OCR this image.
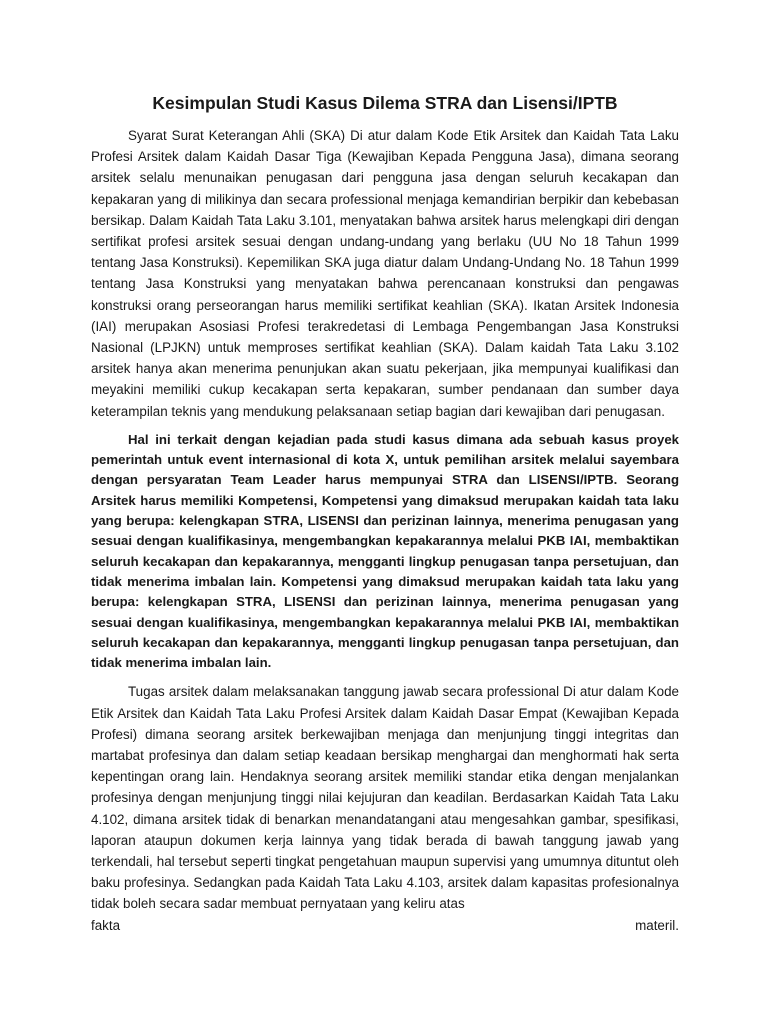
Kesimpulan Studi Kasus Dilema STRA dan Lisensi/IPTB

Syarat Surat Keterangan Ahli (SKA) Di atur dalam Kode Etik Arsitek dan Kaidah Tata Laku Profesi Arsitek dalam Kaidah Dasar Tiga (Kewajiban Kepada Pengguna Jasa), dimana seorang arsitek selalu menunaikan penugasan dari pengguna jasa dengan seluruh kecakapan dan kepakaran yang di milikinya dan secara professional menjaga kemandirian berpikir dan kebebasan bersikap. Dalam Kaidah Tata Laku 3.101, menyatakan bahwa arsitek harus melengkapi diri dengan sertifikat profesi arsitek sesuai dengan undang-undang yang berlaku (UU No 18 Tahun 1999 tentang Jasa Konstruksi). Kepemilikan SKA juga diatur dalam Undang-Undang No. 18 Tahun 1999 tentang Jasa Konstruksi yang menyatakan bahwa perencanaan konstruksi dan pengawas konstruksi orang perseorangan harus memiliki sertifikat keahlian (SKA). Ikatan Arsitek Indonesia (IAI) merupakan Asosiasi Profesi terakredetasi di Lembaga Pengembangan Jasa Konstruksi Nasional (LPJKN) untuk memproses sertifikat keahlian (SKA). Dalam kaidah Tata Laku 3.102 arsitek hanya akan menerima penunjukan akan suatu pekerjaan, jika mempunyai kualifikasi dan meyakini memiliki cukup kecakapan serta kepakaran, sumber pendanaan dan sumber daya keterampilan teknis yang mendukung pelaksanaan setiap bagian dari kewajiban dari penugasan.

Hal ini terkait dengan kejadian pada studi kasus dimana ada sebuah kasus proyek pemerintah untuk event internasional di kota X, untuk pemilihan arsitek melalui sayembara dengan persyaratan Team Leader harus mempunyai STRA dan LISENSI/IPTB. Seorang Arsitek harus memiliki Kompetensi, Kompetensi yang dimaksud merupakan kaidah tata laku yang berupa: kelengkapan STRA, LISENSI dan perizinan lainnya, menerima penugasan yang sesuai dengan kualifikasinya, mengembangkan kepakarannya melalui PKB IAI, membaktikan seluruh kecakapan dan kepakarannya, mengganti lingkup penugasan tanpa persetujuan, dan tidak menerima imbalan lain. Kompetensi yang dimaksud merupakan kaidah tata laku yang berupa: kelengkapan STRA, LISENSI dan perizinan lainnya, menerima penugasan yang sesuai dengan kualifikasinya, mengembangkan kepakarannya melalui PKB IAI, membaktikan seluruh kecakapan dan kepakarannya, mengganti lingkup penugasan tanpa persetujuan, dan tidak menerima imbalan lain.

Tugas arsitek dalam melaksanakan tanggung jawab secara professional Di atur dalam Kode Etik Arsitek dan Kaidah Tata Laku Profesi Arsitek dalam Kaidah Dasar Empat (Kewajiban Kepada Profesi) dimana seorang arsitek berkewajiban menjaga dan menjunjung tinggi integritas dan martabat profesinya dan dalam setiap keadaan bersikap menghargai dan menghormati hak serta kepentingan orang lain. Hendaknya seorang arsitek memiliki standar etika dengan menjalankan profesinya dengan menjunjung tinggi nilai kejujuran dan keadilan. Berdasarkan Kaidah Tata Laku 4.102, dimana arsitek tidak di benarkan menandatangani atau mengesahkan gambar, spesifikasi, laporan ataupun dokumen kerja lainnya yang tidak berada di bawah tanggung jawab yang terkendali, hal tersebut seperti tingkat pengetahuan maupun supervisi yang umumnya dituntut oleh baku profesinya. Sedangkan pada Kaidah Tata Laku 4.103, arsitek dalam kapasitas profesionalnya tidak boleh secara sadar membuat pernyataan yang keliru atas

fakta	materil.
